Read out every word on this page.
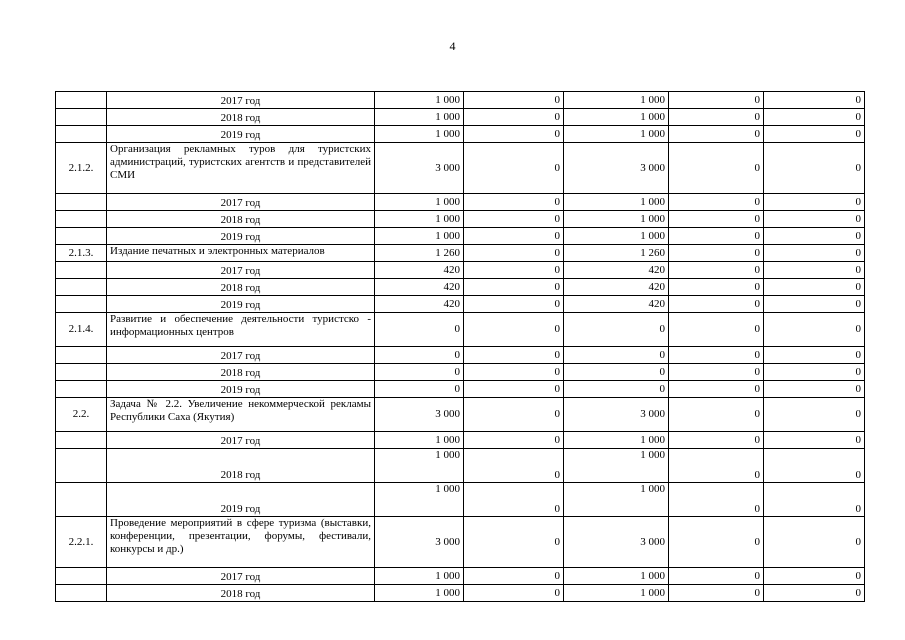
4
	2017 год	1 000	0	1 000	0	0
	2018 год	1 000	0	1 000	0	0
	2019 год	1 000	0	1 000	0	0
2.1.2.	Организация рекламных туров для туристских администраций, туристских агентств и представителей СМИ	3 000	0	3 000	0	0
	2017 год	1 000	0	1 000	0	0
	2018 год	1 000	0	1 000	0	0
	2019 год	1 000	0	1 000	0	0
2.1.3.	Издание печатных и электронных материалов	1 260	0	1 260	0	0
	2017 год	420	0	420	0	0
	2018 год	420	0	420	0	0
	2019 год	420	0	420	0	0
2.1.4.	Развитие и обеспечение деятельности туристско - информационных центров	0	0	0	0	0
	2017 год	0	0	0	0	0
	2018 год	0	0	0	0	0
	2019 год	0	0	0	0	0
2.2.	Задача № 2.2. Увеличение некоммерческой рекламы Республики Саха (Якутия)	3 000	0	3 000	0	0
	2017 год	1 000	0	1 000	0	0
	2018 год	1 000	0	1 000	0	0
	2019 год	1 000	0	1 000	0	0
2.2.1.	Проведение мероприятий в сфере туризма (выставки, конференции, презентации, форумы, фестивали, конкурсы и др.)	3 000	0	3 000	0	0
	2017 год	1 000	0	1 000	0	0
	2018 год	1 000	0	1 000	0	0
